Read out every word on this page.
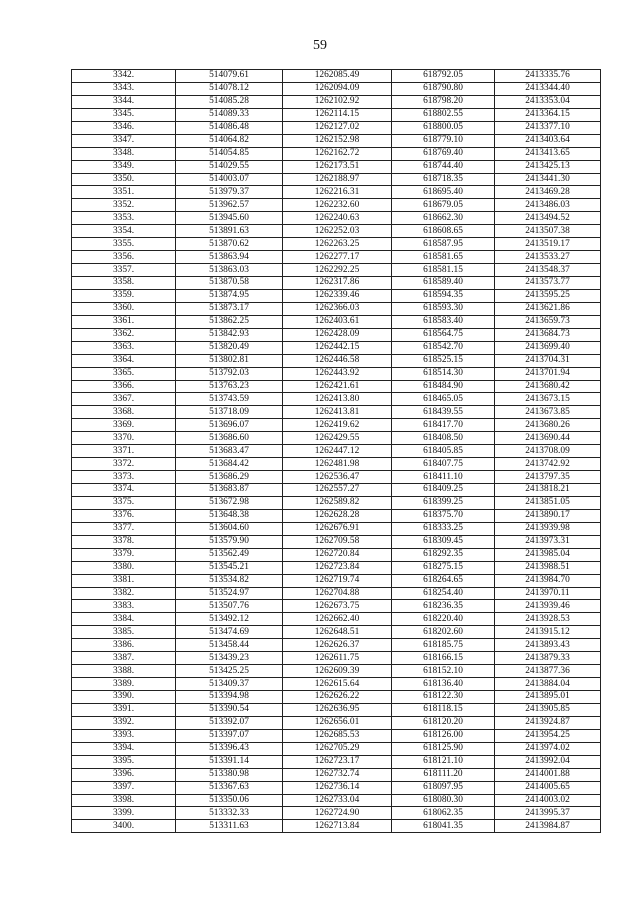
59
3342.	514079.61	1262085.49	618792.05	2413335.76
3343.	514078.12	1262094.09	618790.80	2413344.40
3344.	514085.28	1262102.92	618798.20	2413353.04
3345.	514089.33	1262114.15	618802.55	2413364.15
3346.	514086.48	1262127.02	618800.05	2413377.10
3347.	514064.82	1262152.98	618779.10	2413403.64
3348.	514054.85	1262162.72	618769.40	2413413.65
3349.	514029.55	1262173.51	618744.40	2413425.13
3350.	514003.07	1262188.97	618718.35	2413441.30
3351.	513979.37	1262216.31	618695.40	2413469.28
3352.	513962.57	1262232.60	618679.05	2413486.03
3353.	513945.60	1262240.63	618662.30	2413494.52
3354.	513891.63	1262252.03	618608.65	2413507.38
3355.	513870.62	1262263.25	618587.95	2413519.17
3356.	513863.94	1262277.17	618581.65	2413533.27
3357.	513863.03	1262292.25	618581.15	2413548.37
3358.	513870.58	1262317.86	618589.40	2413573.77
3359.	513874.95	1262339.46	618594.35	2413595.25
3360.	513873.17	1262366.03	618593.30	2413621.86
3361.	513862.25	1262403.61	618583.40	2413659.73
3362.	513842.93	1262428.09	618564.75	2413684.73
3363.	513820.49	1262442.15	618542.70	2413699.40
3364.	513802.81	1262446.58	618525.15	2413704.31
3365.	513792.03	1262443.92	618514.30	2413701.94
3366.	513763.23	1262421.61	618484.90	2413680.42
3367.	513743.59	1262413.80	618465.05	2413673.15
3368.	513718.09	1262413.81	618439.55	2413673.85
3369.	513696.07	1262419.62	618417.70	2413680.26
3370.	513686.60	1262429.55	618408.50	2413690.44
3371.	513683.47	1262447.12	618405.85	2413708.09
3372.	513684.42	1262481.98	618407.75	2413742.92
3373.	513686.29	1262536.47	618411.10	2413797.35
3374.	513683.87	1262557.27	618409.25	2413818.21
3375.	513672.98	1262589.82	618399.25	2413851.05
3376.	513648.38	1262628.28	618375.70	2413890.17
3377.	513604.60	1262676.91	618333.25	2413939.98
3378.	513579.90	1262709.58	618309.45	2413973.31
3379.	513562.49	1262720.84	618292.35	2413985.04
3380.	513545.21	1262723.84	618275.15	2413988.51
3381.	513534.82	1262719.74	618264.65	2413984.70
3382.	513524.97	1262704.88	618254.40	2413970.11
3383.	513507.76	1262673.75	618236.35	2413939.46
3384.	513492.12	1262662.40	618220.40	2413928.53
3385.	513474.69	1262648.51	618202.60	2413915.12
3386.	513458.44	1262626.37	618185.75	2413893.43
3387.	513439.23	1262611.75	618166.15	2413879.33
3388.	513425.25	1262609.39	618152.10	2413877.36
3389.	513409.37	1262615.64	618136.40	2413884.04
3390.	513394.98	1262626.22	618122.30	2413895.01
3391.	513390.54	1262636.95	618118.15	2413905.85
3392.	513392.07	1262656.01	618120.20	2413924.87
3393.	513397.07	1262685.53	618126.00	2413954.25
3394.	513396.43	1262705.29	618125.90	2413974.02
3395.	513391.14	1262723.17	618121.10	2413992.04
3396.	513380.98	1262732.74	618111.20	2414001.88
3397.	513367.63	1262736.14	618097.95	2414005.65
3398.	513350.06	1262733.04	618080.30	2414003.02
3399.	513332.33	1262724.90	618062.35	2413995.37
3400.	513311.63	1262713.84	618041.35	2413984.87
